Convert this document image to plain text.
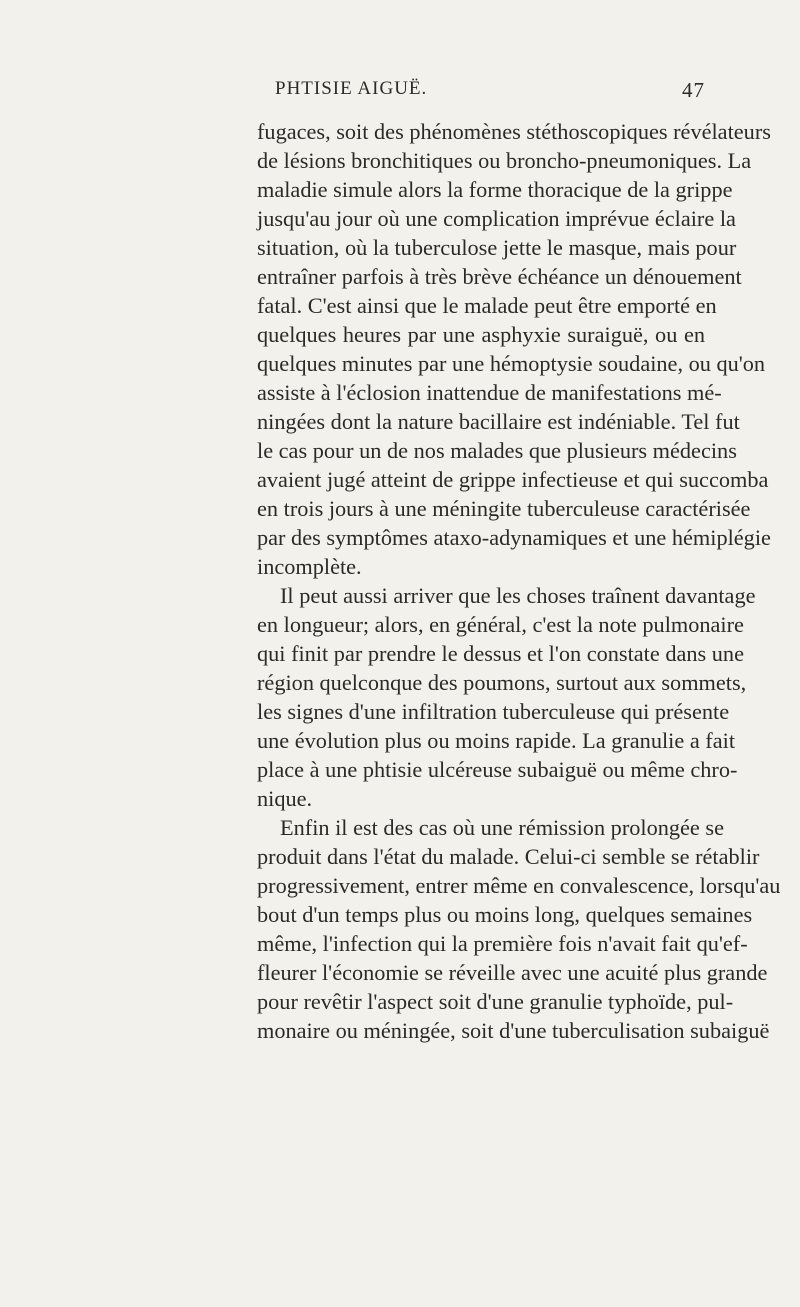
PHTISIE AIGUË.	47
fugaces, soit des phénomènes stéthoscopiques révélateurs
de lésions bronchitiques ou broncho-pneumoniques. La
maladie simule alors la forme thoracique de la grippe
jusqu'au jour où une complication imprévue éclaire la
situation, où la tuberculose jette le masque, mais pour
entraîner parfois à très brève échéance un dénouement
fatal. C'est ainsi que le malade peut être emporté en
quelques heures par une asphyxie suraiguë, ou en
quelques minutes par une hémoptysie soudaine, ou qu'on
assiste à l'éclosion inattendue de manifestations mé-
ningées dont la nature bacillaire est indéniable. Tel fut
le cas pour un de nos malades que plusieurs médecins
avaient jugé atteint de grippe infectieuse et qui succomba
en trois jours à une méningite tuberculeuse caractérisée
par des symptômes ataxo-adynamiques et une hémiplégie
incomplète.
Il peut aussi arriver que les choses traînent davantage
en longueur; alors, en général, c'est la note pulmonaire
qui finit par prendre le dessus et l'on constate dans une
région quelconque des poumons, surtout aux sommets,
les signes d'une infiltration tuberculeuse qui présente
une évolution plus ou moins rapide. La granulie a fait
place à une phtisie ulcéreuse subaiguë ou même chro-
nique.
Enfin il est des cas où une rémission prolongée se
produit dans l'état du malade. Celui-ci semble se rétablir
progressivement, entrer même en convalescence, lorsqu'au
bout d'un temps plus ou moins long, quelques semaines
même, l'infection qui la première fois n'avait fait qu'ef-
fleurer l'économie se réveille avec une acuité plus grande
pour revêtir l'aspect soit d'une granulie typhoïde, pul-
monaire ou méningée, soit d'une tuberculisation subaiguë
